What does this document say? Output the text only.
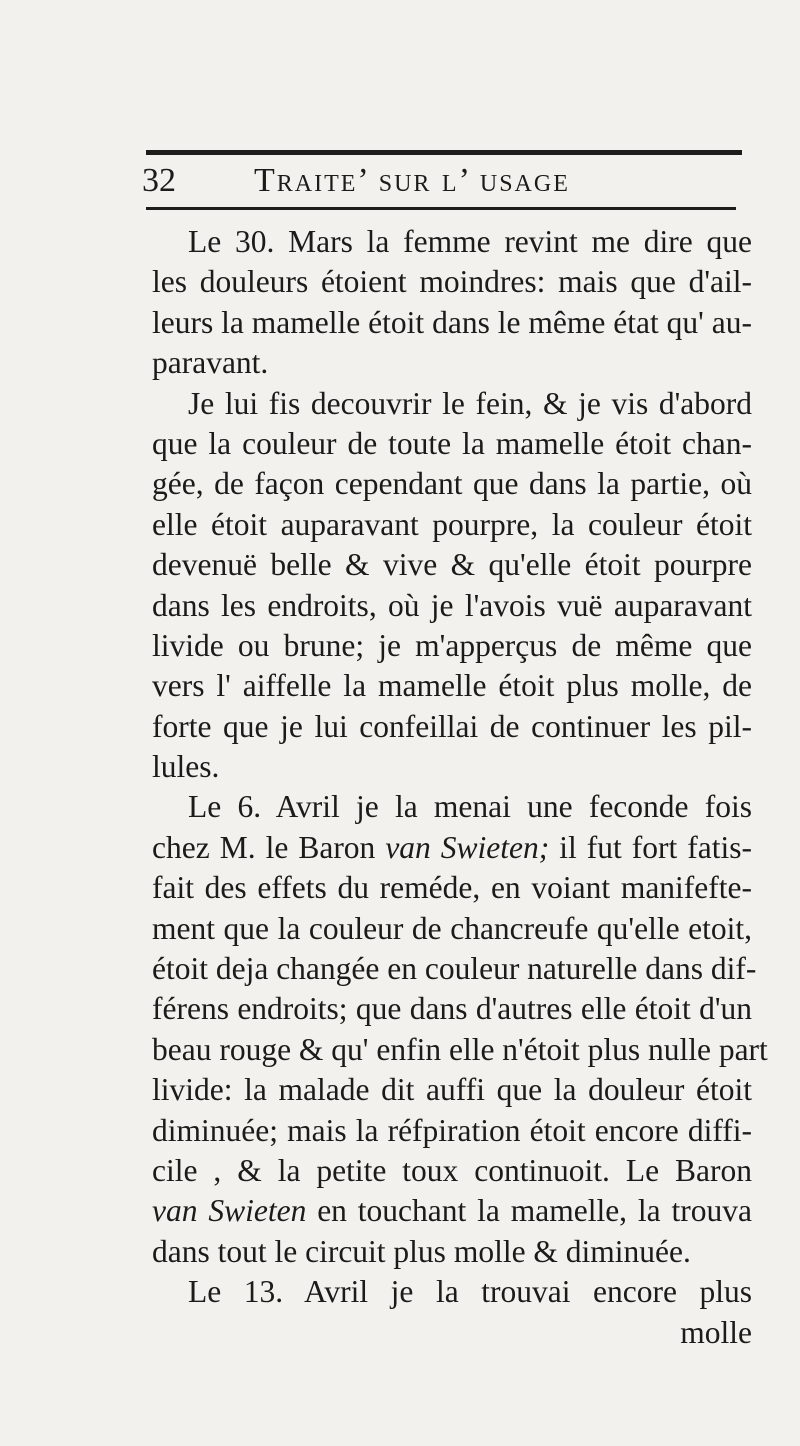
32 Traite’ sur l’ usage
Le 30. Mars la femme revint me dire que
les douleurs étoient moindres: mais que d'ail-
leurs la mamelle étoit dans le même état qu' au-
paravant.
Je lui fis decouvrir le fein, & je vis d'abord
que la couleur de toute la mamelle étoit chan-
gée, de façon cependant que dans la partie, où
elle étoit auparavant pourpre, la couleur étoit
devenuë belle & vive & qu'elle étoit pourpre
dans les endroits, où je l'avois vuë auparavant
livide ou brune; je m'apperçus de même que
vers l' aiffelle la mamelle étoit plus molle, de
forte que je lui confeillai de continuer les pil-
lules.
Le 6. Avril je la menai une feconde fois
chez M. le Baron van Swieten; il fut fort fatis-
fait des effets du reméde, en voiant manifefte-
ment que la couleur de chancreufe qu'elle etoit,
étoit deja changée en couleur naturelle dans dif-
férens endroits; que dans d'autres elle étoit d'un
beau rouge & qu' enfin elle n'étoit plus nulle part
livide: la malade dit auffi que la douleur étoit
diminuée; mais la réfpiration étoit encore diffi-
cile , & la petite toux continuoit. Le Baron
van Swieten en touchant la mamelle, la trouva
dans tout le circuit plus molle & diminuée.
Le 13. Avril je la trouvai encore plus
molle
